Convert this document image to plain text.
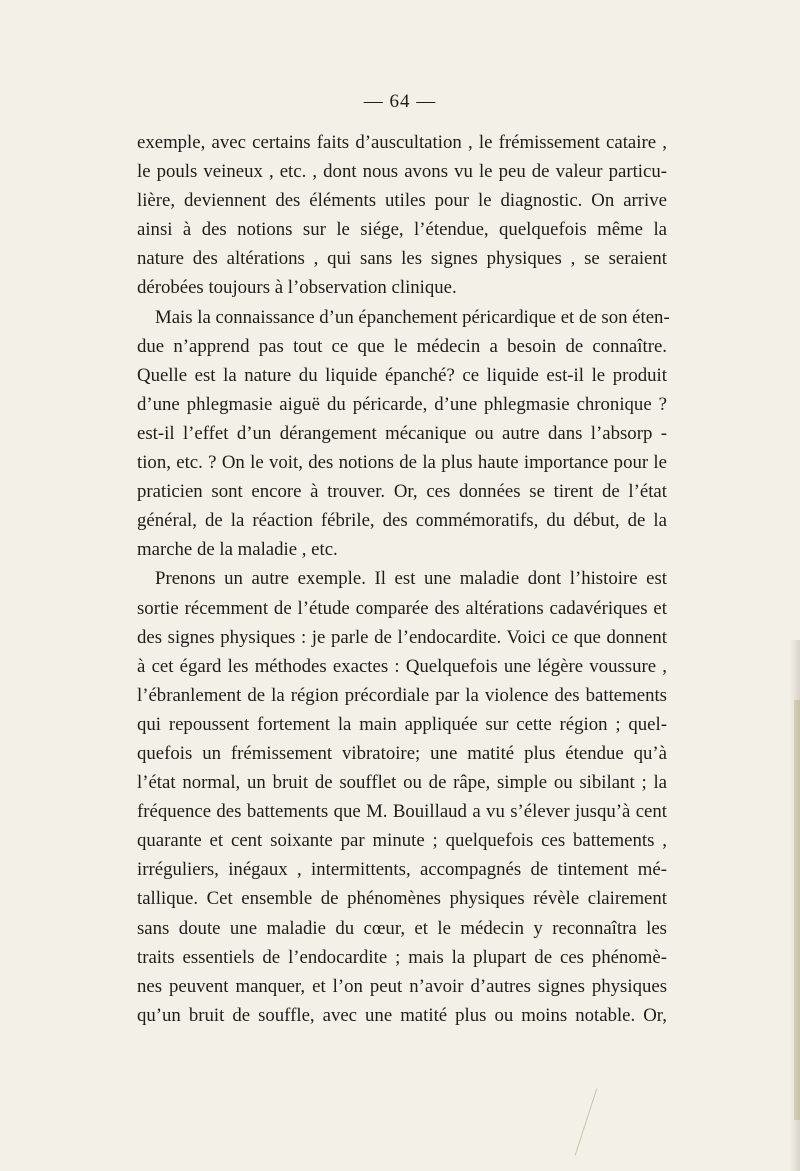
— 64 —
exemple, avec certains faits d’auscultation , le frémissement cataire ,
le pouls veineux , etc. , dont nous avons vu le peu de valeur particu-
lière, deviennent des éléments utiles pour le diagnostic. On arrive
ainsi à des notions sur le siége, l’étendue, quelquefois même la
nature des altérations , qui sans les signes physiques , se seraient
dérobées toujours à l’observation clinique.
Mais la connaissance d’un épanchement péricardique et de son éten-
due n’apprend pas tout ce que le médecin a besoin de connaître.
Quelle est la nature du liquide épanché? ce liquide est-il le produit
d’une phlegmasie aiguë du péricarde, d’une phlegmasie chronique ?
est-il l’effet d’un dérangement mécanique ou autre dans l’absorp -
tion, etc. ? On le voit, des notions de la plus haute importance pour le
praticien sont encore à trouver. Or, ces données se tirent de l’état
général, de la réaction fébrile, des commémoratifs, du début, de la
marche de la maladie , etc.
Prenons un autre exemple. Il est une maladie dont l’histoire est
sortie récemment de l’étude comparée des altérations cadavériques et
des signes physiques : je parle de l’endocardite. Voici ce que donnent
à cet égard les méthodes exactes : Quelquefois une légère voussure ,
l’ébranlement de la région précordiale par la violence des battements
qui repoussent fortement la main appliquée sur cette région ; quel-
quefois un frémissement vibratoire; une matité plus étendue qu’à
l’état normal, un bruit de soufflet ou de râpe, simple ou sibilant ; la
fréquence des battements que M. Bouillaud a vu s’élever jusqu’à cent
quarante et cent soixante par minute ; quelquefois ces battements ,
irréguliers, inégaux , intermittents, accompagnés de tintement mé-
tallique. Cet ensemble de phénomènes physiques révèle clairement
sans doute une maladie du cœur, et le médecin y reconnaîtra les
traits essentiels de l’endocardite ; mais la plupart de ces phénomè-
nes peuvent manquer, et l’on peut n’avoir d’autres signes physiques
qu’un bruit de souffle, avec une matité plus ou moins notable. Or,
